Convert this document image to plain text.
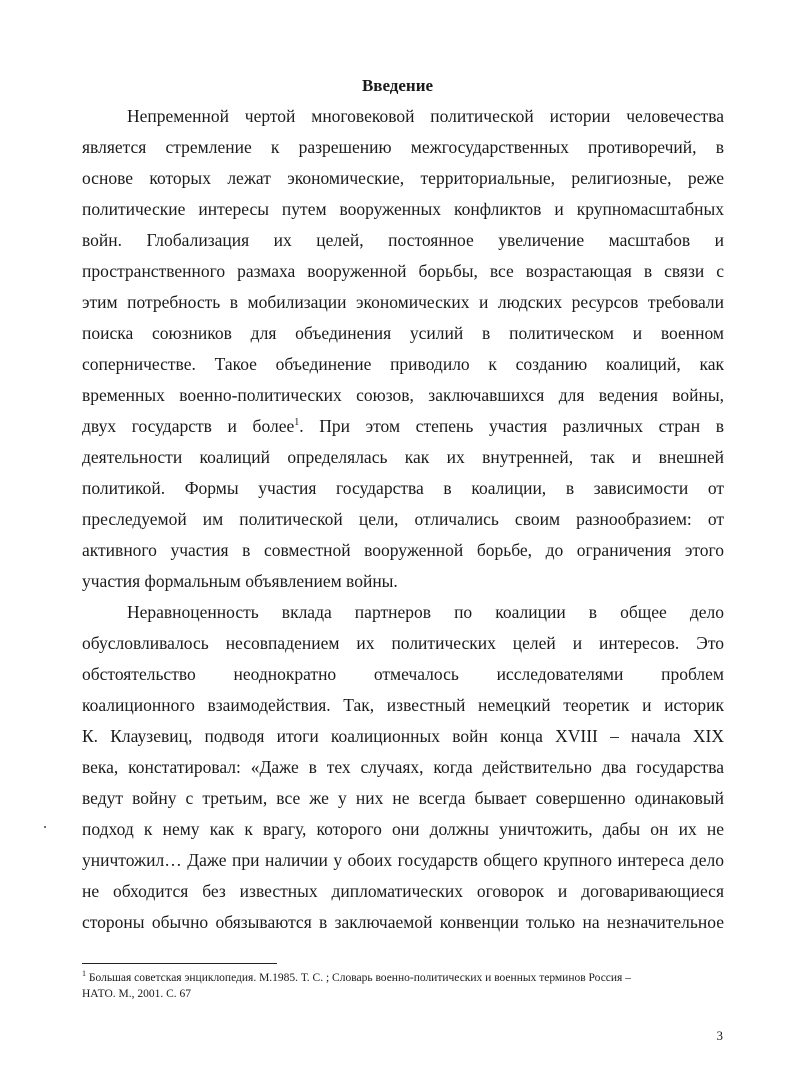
Введение
Непременной чертой многовековой политической истории человечества
является стремление к разрешению межгосударственных противоречий, в
основе которых лежат экономические, территориальные, религиозные, реже
политические интересы путем вооруженных конфликтов и крупномасштабных
войн. Глобализация их целей, постоянное увеличение масштабов и
пространственного размаха вооруженной борьбы, все возрастающая в связи с
этим потребность в мобилизации экономических и людских ресурсов требовали
поиска союзников для объединения усилий в политическом и военном
соперничестве. Такое объединение приводило к созданию коалиций, как
временных военно-политических союзов, заключавшихся для ведения войны,
двух государств и более$^1$. При этом степень участия различных стран в
деятельности коалиций определялась как их внутренней, так и внешней
политикой. Формы участия государства в коалиции, в зависимости от
преследуемой им политической цели, отличались своим разнообразием: от
активного участия в совместной вооруженной борьбе, до ограничения этого
участия формальным объявлением войны.
Неравноценность вклада партнеров по коалиции в общее дело
обусловливалось несовпадением их политических целей и интересов. Это
обстоятельство неоднократно отмечалось исследователями проблем
коалиционного взаимодействия. Так, известный немецкий теоретик и историк
К. Клаузевиц, подводя итоги коалиционных войн конца XVIII – начала XIX
века, констатировал: «Даже в тех случаях, когда действительно два государства
ведут войну с третьим, все же у них не всегда бывает совершенно одинаковый
подход к нему как к врагу, которого они должны уничтожить, дабы он их не
уничтожил… Даже при наличии у обоих государств общего крупного интереса дело
не обходится без известных дипломатических оговорок и договаривающиеся
стороны обычно обязываются в заключаемой конвенции только на незначительное
$^1$ Большая советская энциклопедия. М.1985. Т. С. ; Словарь военно-политических и военных терминов Россия –
НАТО. М., 2001. С. 67
3
